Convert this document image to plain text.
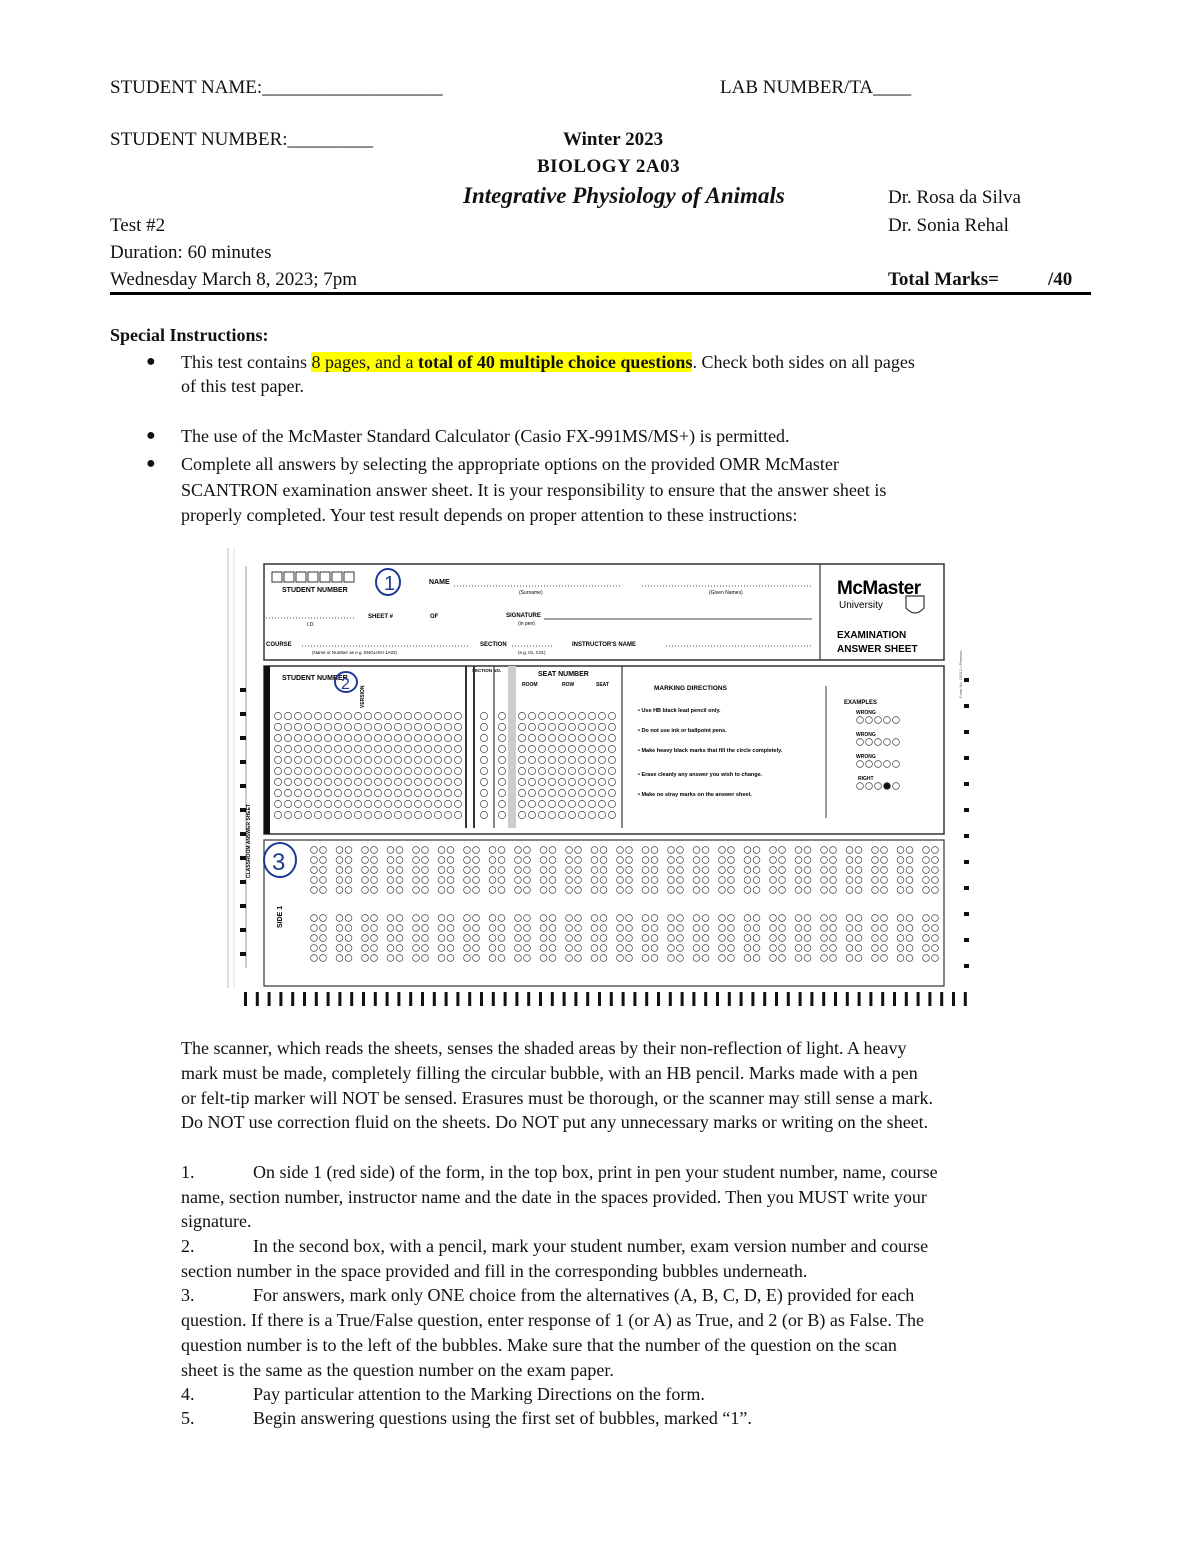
STUDENT NAME:___________________	LAB NUMBER/TA____
STUDENT NUMBER:_________	Winter 2023
BIOLOGY 2A03
Integrative Physiology of Animals	Dr. Rosa da Silva
Test #2	Dr. Sonia Rehal
Duration: 60 minutes
Wednesday March 8, 2023; 7pm	Total Marks=	/40
Special Instructions:
● This test contains 8 pages, and a total of 40 multiple choice questions. Check both sides on all pages
of this test paper.
● The use of the McMaster Standard Calculator (Casio FX-991MS/MS+) is permitted.
● Complete all answers by selecting the appropriate options on the provided OMR McMaster
SCANTRON examination answer sheet. It is your responsibility to ensure that the answer sheet is
properly completed. Your test result depends on proper attention to these instructions:
STUDENT NUMBER
NAME
(Surname)	(Given Names)
I.D.
SHEET #	OF	SIGNATURE
(in pen)
COURSE
(Name or Number as e.g. ENGLISH 1A03)
SECTION
(e.g. 01, C01)
INSTRUCTOR'S NAME
McMaster
University
EXAMINATION
ANSWER SHEET
1
STUDENT NUMBER
2
VERSION
SECTION NO.
SEAT NUMBER
ROOM	ROW	SEAT	MARKING DIRECTIONS
• Use HB black lead pencil only.
• Do not use ink or ballpoint pens.
• Make heavy black marks that fill the circle completely.
• Erase cleanly any answer you wish to change.
• Make no stray marks on the answer sheet.
EXAMPLES
WRONG
WRONG
WRONG
RIGHT
SIDE 1
CLASSROOM ANSWER SHEET 3
Form No. 15012 • Pearson
The scanner, which reads the sheets, senses the shaded areas by their non-reflection of light. A heavy
mark must be made, completely filling the circular bubble, with an HB pencil. Marks made with a pen
or felt-tip marker will NOT be sensed. Erasures must be thorough, or the scanner may still sense a mark.
Do NOT use correction fluid on the sheets. Do NOT put any unnecessary marks or writing on the sheet.
1.	On side 1 (red side) of the form, in the top box, print in pen your student number, name, course
name, section number, instructor name and the date in the spaces provided. Then you MUST write your
signature.
2.	In the second box, with a pencil, mark your student number, exam version number and course
section number in the space provided and fill in the corresponding bubbles underneath.
3.	For answers, mark only ONE choice from the alternatives (A, B, C, D, E) provided for each
question. If there is a True/False question, enter response of 1 (or A) as True, and 2 (or B) as False. The
question number is to the left of the bubbles. Make sure that the number of the question on the scan
sheet is the same as the question number on the exam paper.
4.	Pay particular attention to the Marking Directions on the form.
5.	Begin answering questions using the first set of bubbles, marked “1”.
